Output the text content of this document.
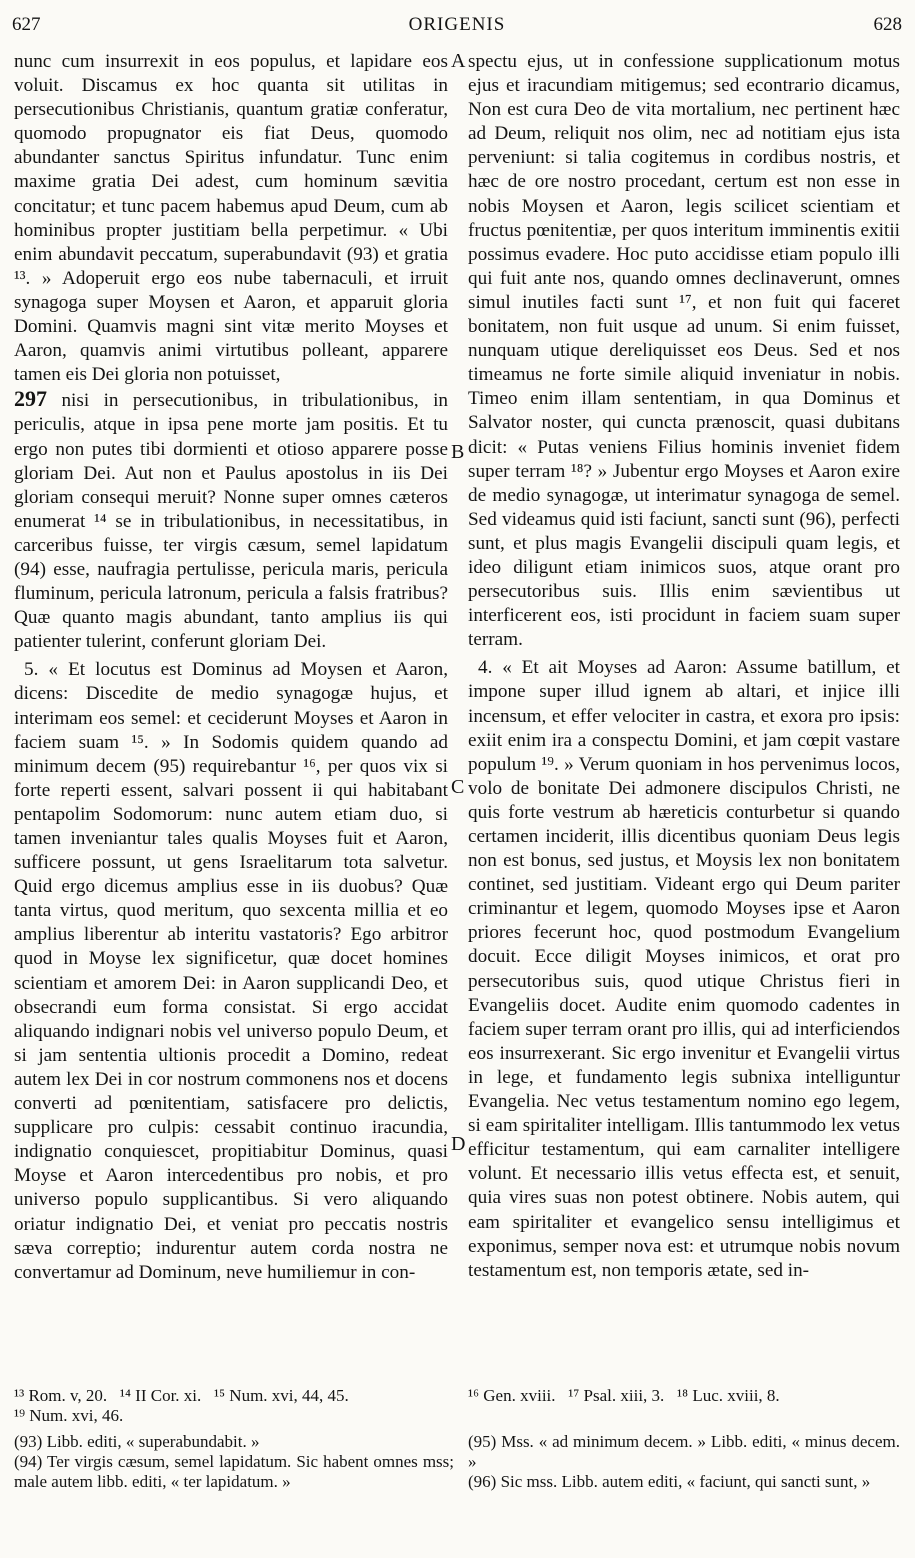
627	ORIGENIS	628
A
B
C
D

nunc cum insurrexit in eos populus, et lapidare eos voluit. Discamus ex hoc quanta sit utilitas in persecutionibus Christianis, quantum gratiæ conferatur, quomodo propugnator eis fiat Deus, quomodo abundanter sanctus Spiritus infundatur. Tunc enim maxime gratia Dei adest, cum hominum sævitia concitatur; et tunc pacem habemus apud Deum, cum ab hominibus propter justitiam bella perpetimur. « Ubi enim abundavit peccatum, superabundavit (93) et gratia ¹³. » Adoperuit ergo eos nube tabernaculi, et irruit synagoga super Moysen et Aaron, et apparuit gloria Domini. Quamvis magni sint vitæ merito Moyses et Aaron, quamvis animi virtutibus polleant, apparere tamen eis Dei gloria non potuisset,

297 nisi in persecutionibus, in tribulationibus, in periculis, atque in ipsa pene morte jam positis. Et tu ergo non putes tibi dormienti et otioso apparere posse gloriam Dei. Aut non et Paulus apostolus in iis Dei gloriam consequi meruit? Nonne super omnes cæteros enumerat ¹⁴ se in tribulationibus, in necessitatibus, in carceribus fuisse, ter virgis cæsum, semel lapidatum (94) esse, naufragia pertulisse, pericula maris, pericula fluminum, pericula latronum, pericula a falsis fratribus? Quæ quanto magis abundant, tanto amplius iis qui patienter tulerint, conferunt gloriam Dei.

5. « Et locutus est Dominus ad Moysen et Aaron, dicens: Discedite de medio synagogæ hujus, et interimam eos semel: et ceciderunt Moyses et Aaron in faciem suam ¹⁵. » In Sodomis quidem quando ad minimum decem (95) requirebantur ¹⁶, per quos vix si forte reperti essent, salvari possent ii qui habitabant pentapolim Sodomorum: nunc autem etiam duo, si tamen inveniantur tales qualis Moyses fuit et Aaron, sufficere possunt, ut gens Israelitarum tota salvetur. Quid ergo dicemus amplius esse in iis duobus? Quæ tanta virtus, quod meritum, quo sexcenta millia et eo amplius liberentur ab interitu vastatoris? Ego arbitror quod in Moyse lex significetur, quæ docet homines scientiam et amorem Dei: in Aaron supplicandi Deo, et obsecrandi eum forma consistat. Si ergo accidat aliquando indignari nobis vel universo populo Deum, et si jam sententia ultionis procedit a Domino, redeat autem lex Dei in cor nostrum commonens nos et docens converti ad pœnitentiam, satisfacere pro delictis, supplicare pro culpis: cessabit continuo iracundia, indignatio conquiescet, propitiabitur Dominus, quasi Moyse et Aaron intercedentibus pro nobis, et pro universo populo supplicantibus. Si vero aliquando oriatur indignatio Dei, et veniat pro peccatis nostris sæva correptio; indurentur autem corda nostra ne convertamur ad Dominum, neve humiliemur in con-

spectu ejus, ut in confessione supplicationum motus ejus et iracundiam mitigemus; sed econtrario dicamus, Non est cura Deo de vita mortalium, nec pertinent hæc ad Deum, reliquit nos olim, nec ad notitiam ejus ista perveniunt: si talia cogitemus in cordibus nostris, et hæc de ore nostro procedant, certum est non esse in nobis Moysen et Aaron, legis scilicet scientiam et fructus pœnitentiæ, per quos interitum imminentis exitii possimus evadere. Hoc puto accidisse etiam populo illi qui fuit ante nos, quando omnes declinaverunt, omnes simul inutiles facti sunt ¹⁷, et non fuit qui faceret bonitatem, non fuit usque ad unum. Si enim fuisset, nunquam utique dereliquisset eos Deus. Sed et nos timeamus ne forte simile aliquid inveniatur in nobis. Timeo enim illam sententiam, in qua Dominus et Salvator noster, qui cuncta prænoscit, quasi dubitans dicit: « Putas veniens Filius hominis inveniet fidem super terram ¹⁸? » Jubentur ergo Moyses et Aaron exire de medio synagogæ, ut interimatur synagoga de semel. Sed videamus quid isti faciunt, sancti sunt (96), perfecti sunt, et plus magis Evangelii discipuli quam legis, et ideo diligunt etiam inimicos suos, atque orant pro persecutoribus suis. Illis enim sævientibus ut interficerent eos, isti procidunt in faciem suam super terram.

4. « Et ait Moyses ad Aaron: Assume batillum, et impone super illud ignem ab altari, et injice illi incensum, et effer velociter in castra, et exora pro ipsis: exiit enim ira a conspectu Domini, et jam cœpit vastare populum ¹⁹. » Verum quoniam in hos pervenimus locos, volo de bonitate Dei admonere discipulos Christi, ne quis forte vestrum ab hæreticis conturbetur si quando certamen inciderit, illis dicentibus quoniam Deus legis non est bonus, sed justus, et Moysis lex non bonitatem continet, sed justitiam. Videant ergo qui Deum pariter criminantur et legem, quomodo Moyses ipse et Aaron priores fecerunt hoc, quod postmodum Evangelium docuit. Ecce diligit Moyses inimicos, et orat pro persecutoribus suis, quod utique Christus fieri in Evangeliis docet. Audite enim quomodo cadentes in faciem super terram orant pro illis, qui ad interficiendos eos insurrexerant. Sic ergo invenitur et Evangelii virtus in lege, et fundamento legis subnixa intelliguntur Evangelia. Nec vetus testamentum nomino ego legem, si eam spiritaliter intelligam. Illis tantummodo lex vetus efficitur testamentum, qui eam carnaliter intelligere volunt. Et necessario illis vetus effecta est, et senuit, quia vires suas non potest obtinere. Nobis autem, qui eam spiritaliter et evangelico sensu intelligimus et exponimus, semper nova est: et utrumque nobis novum testamentum est, non temporis ætate, sed in-

¹³ Rom. v, 20.   ¹⁴ II Cor. xi.   ¹⁵ Num. xvi, 44, 45.
¹⁹ Num. xvi, 46.

(93) Libb. editi, « superabundabit. »

(94) Ter virgis cæsum, semel lapidatum. Sic habent omnes mss; male autem libb. editi, « ter lapidatum. »

¹⁶ Gen. xviii.   ¹⁷ Psal. xiii, 3.   ¹⁸ Luc. xviii, 8.

(95) Mss. « ad minimum decem. » Libb. editi, « minus decem. »

(96) Sic mss. Libb. autem editi, « faciunt, qui sancti sunt, »
